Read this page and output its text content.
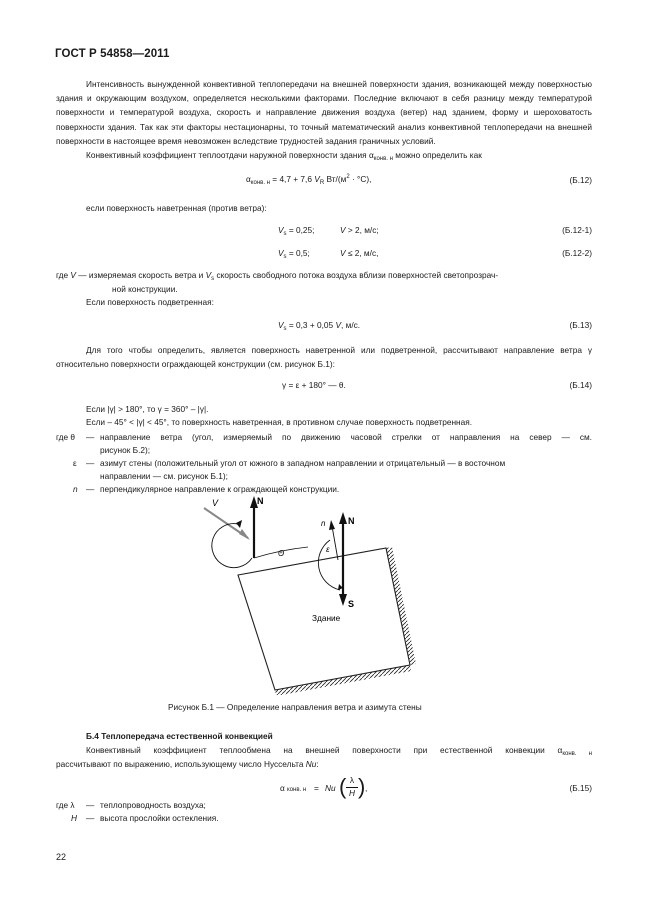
ГОСТ Р 54858—2011

Интенсивность вынужденной конвективной теплопередачи на внешней поверхности здания, возникающей между поверхностью здания и окружающим воздухом, определяется несколькими факторами. Последние включают в себя разницу между температурой поверхности и температурой воздуха, скорость и направление движения воздуха (ветер) над зданием, форму и шероховатость поверхности здания. Так как эти факторы нестационарны, то точный математический анализ конвективной теплопередачи на внешней поверхности в настоящее время невозможен вследствие трудностей задания граничных условий.

Конвективный коэффициент теплоотдачи наружной поверхности здания $\alpha_{конв. н}$ можно определить как
$\alpha_{конв. н} = 4,7 + 7,6$ $V_R$ $Вт/(м^2 \cdot ^\circ С)$,	(Б.12)
если поверхность наветренная (против ветра):
$V_s = 0,25$;	V > 2, м/с;	(Б.12-1)
$V_s = 0,5$;	V ≤ 2, м/с,	(Б.12-2)
где V — измеряемая скорость ветра и $V_s$ скорость свободного потока воздуха вблизи поверхностей светопрозрач-
ной конструкции.
Если поверхность подветренная:
$V_s = 0,3 + 0,05$ V, м/с.	(Б.13)

Для того чтобы определить, является поверхность наветренной или подветренной, рассчитывают направление ветра γ относительно поверхности ограждающей конструкции (см. рисунок Б.1):

γ = ε + 180° — θ.	(Б.14)
Если |γ| > 180°, то γ = 360° – |γ|.
Если – 45° < |γ| < 45°, то поверхность наветренная, в противном случае поверхность подветренная.
где θ — направление ветра (угол, измеряемый по движению часовой стрелки от направления на север — см.
рисунок Б.2);
ε — азимут стены (положительный угол от южного в западном направлении и отрицательный — в восточном
направлении — см. рисунок Б.1);
n — перпендикулярное направление к ограждающей конструкции.
N
V
Θ
N
S
n
ε
Здание
Рисунок Б.1 — Определение направления ветра и азимута стены
Б.4 Теплопередача естественной конвекцией
Конвективный коэффициент теплообмена на внешней поверхности при естественной конвекции $\alpha_{конв. н}$
рассчитывают по выражению, использующему число Нуссельта Nu:
α конв. н = Nu ( λ
H ) ,	(Б.15)
где λ — теплопроводность воздуха;
H — высота прослойки остекления.
22
